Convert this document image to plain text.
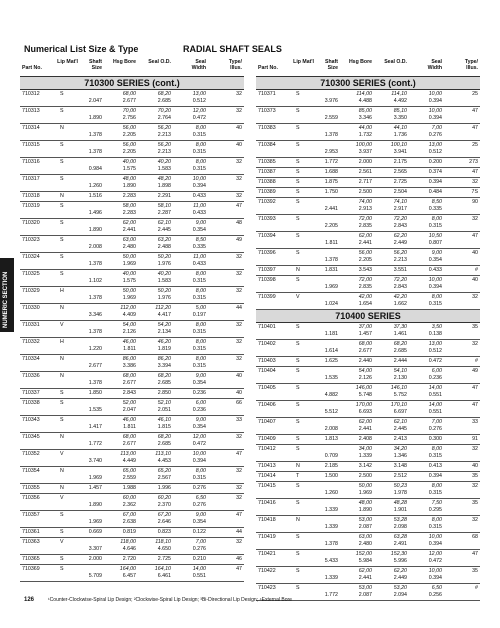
Numerical List Size & Type	RADIAL SHAFT SEALS
NUMERIC SECTION
Part No.
Lip Mat'l	Shaft Size
Hsg Bore Seal O.D.	Seal Width
Type/ Illus.
710300 SERIES (cont.)
710312	S	68,00	68,20	13,00	32
2.047	2.677	2.685	0.512
710313	S	70,00	70,20	12,00	32
1.890	2.756	2.764	0.472
710314	N	56,00	56,20	8,00	40
1.378	2.205	2.213	0.315
710315	S	56,00	56,20	8,00	40
1.378	2.205	2.213	0.315
710316	S	40,00	40,20	8,00	32
0.984	1.575	1.583	0.315
710317	S	48,00	48,20	10,00	32
1.260	1.890	1.898	0.394
710318	N	1.516	2.283	2.291	0.433	32
710319	S	58,00	58,10	11,00	47
1.496	2.283	2.287	0.433
710320	S	62,00	62,10	9,00	48
1.890	2.441	2.445	0.354
710323	S	63,00	63,20	8,50	49
2.008	2.480	2.488	0.335
710324	S	50,00	50,20	11,00	32
1.378	1.969	1.976	0.433
710325	S	40,00	40,20	8,00	32
1.102	1.575	1.583	0.315
710329	H	50,00	50,20	8,00	32
1.378	1.969	1.976	0.315
710330	N	112,00	112,20	5,00	44
3.346	4.409	4.417	0.197
710331	V	54,00	54,20	8,00	32
1.378	2.126	2.134	0.315
710332	H	46,00	46,20	8,00	32
1.220	1.811	1.819	0.315
710334	N	86,00	86,20	8,00	32
2.677	3.386	3.394	0.315
710336	N	68,00	68,20	9,00	40
1.378	2.677	2.685	0.354
710337	S	1.850	2.843	2.850	0.236	40
710338	S	52,00	52,10	6,00	66
1.535	2.047	2.051	0.236
710343	S	46,00	46,10	9,00	33
1.417	1.811	1.815	0.354
710345	N	68,00	68,20	12,00	32
1.772	2.677	2.685	0.472
710352	V	113,00	113,10	10,00	47
3.740	4.449	4.453	0.394
710354	N	65,00	65,20	8,00	32
1.969	2.559	2.567	0.315
710355	N	1.457	1.988	1.996	0.276	32
710356	V	60,00	60,20	6,50	32
1.890	2.362	2.370	0.276
710357	S	67,00	67,20	9,00	47
1.969	2.638	2.646	0.354
710361	S	0.669	0.819	0.823	0.122	44
710363	V	118,00	118,10	7,00	32
3.307	4.646	4.650	0.276
710365	S	2.000	2.720	2.725	0.210	46
710369	S	164,00	164,10	14,00	47
5.709	6.457	6.461	0.551
Part No.
Lip Mat'l	Shaft Size
Hsg Bore Seal O.D.	Seal Width
Type/ Illus.
710300 SERIES (cont.)
710371	S	114,00	114,10	10,00	25
3.976	4.488	4.492	0.394
710373	S	85,00	85,10	10,00	47
2.559	3.346	3.350	0.394
710383	S	44,00	44,10	7,00	47
1.378	1.732	1.736	0.276
710384	S	100,00	100,10	13,00	25
2.953	3.937	3.941	0.512
710385	S	1.772	2.000	2.175	0.200	273
710387	S	1.688	2.561	2.565	0.374	47
710388	S	1.875	2.717	2.725	0.394	32
710389	S	1.750	2.500	2.504	0.484	7S
710392	S	74,00	74,10	8,50	90
2.441	2.913	2.917	0.335
710393	S	72,00	72,20	8,00	32
2.205	2.835	2.843	0.315
710394	S	62,00	62,20	10,50	47
1.811	2.441	2.449	0.807
710396	S	56,00	56,20	9,00	40
1.378	2.205	2.213	0.354
710397	N	1.831	3.543	3.551	0.433	#
710398	S	72,00	72,20	10,00	40
1.969	2.835	2.843	0.394
710399	V	42,00	42,20	8,00	32
1.024	1.654	1.662	0.315
710400 SERIES
710401	S	37,00	37,30	3,50	35
1.181	1.457	1.461	0.138
710402	S	68,00	68,20	13,00	32
1.614	2.677	2.685	0.512
710403	S	1.625	2.440	2.444	0.472	#
710404	S	54,00	54,10	6,00	49
1.535	2.126	2.130	0.236
710405	S	146,00	146,10	14,00	47
4.882	5.748	5.752	0.551
710406	S	170,00	170,10	14,00	47
5.512	6.693	6.697	0.551
710407	S	62,00	62,10	7,00	33
2.008	2.441	2.445	0.276
710409	S	1.813	2.408	2.413	0.300	91
710412	S	34,00	34,20	8,00	32
0.709	1.339	1.346	0.315
710413	N	2.185	3.142	3.148	0.413	40
710414	T	1.500	2.500	2.512	0.394	35
710415	S	50,00	50,23	8,00	32
1.260	1.969	1.978	0.315
710416	S	48,00	48,28	7,50	35
1.339	1.890	1.901	0.295
710418	N	53,00	53,28	8,00	32
1.339	2.087	2.098	0.315
710419	S	63,00	63,28	10,00	68
1.378	2.480	2.491	0.394
710421	S	152,00	152,30	12,00	47
5.433	5.984	5.996	0.472
710422	S	62,00	62,20	10,00	35
1.339	2.441	2.449	0.394
710423	S	53,00	53,20	6,50	#
1.772	2.087	2.094	0.256
126	¹Counter-Clockwise-Spiral Lip Design; ²Clockwise-Spiral Lip Design; ³Bi-Directional Lip Design; ⁴External Bore
